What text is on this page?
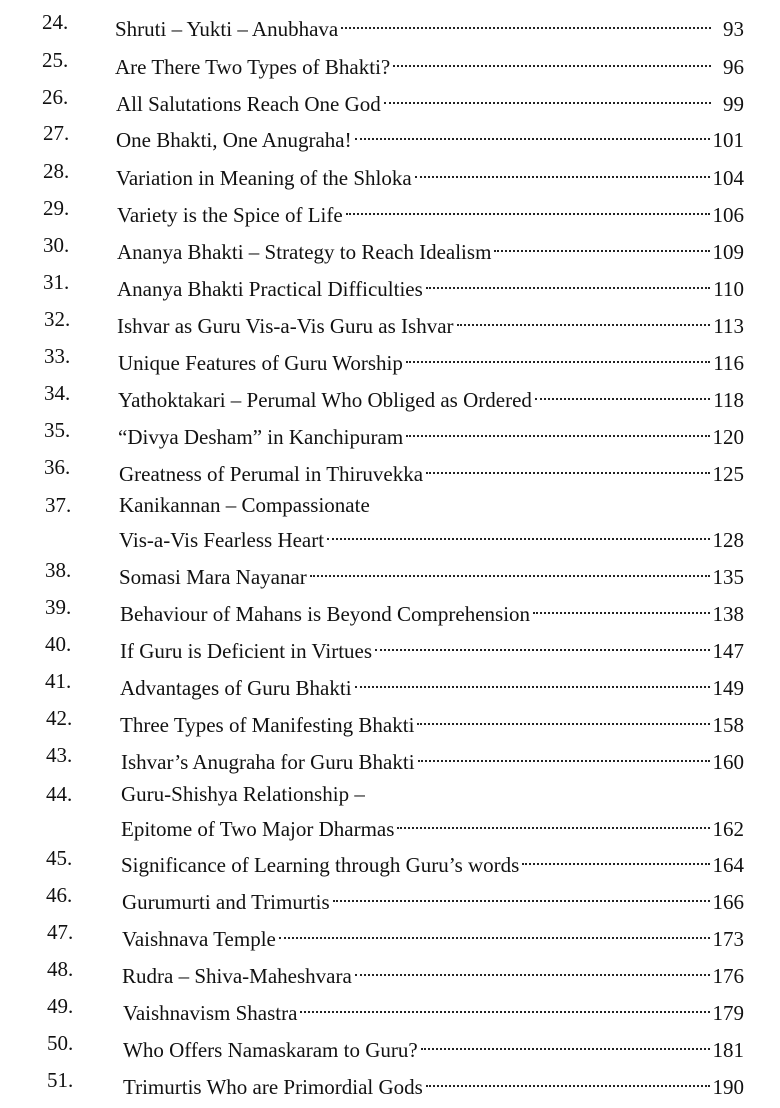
24. Shruti – Yukti – Anubhava	93
25. Are There Two Types of Bhakti?	96
26. All Salutations Reach One God	99
27. One Bhakti, One Anugraha!	101
28. Variation in Meaning of the Shloka	104
29. Variety is the Spice of Life	106
30. Ananya Bhakti – Strategy to Reach Idealism	109
31. Ananya Bhakti Practical Difficulties	110
32. Ishvar as Guru Vis-a-Vis Guru as Ishvar	113
33. Unique Features of Guru Worship	116
34. Yathoktakari – Perumal Who Obliged as Ordered	118
35. “Divya Desham” in Kanchipuram	120
36. Greatness of Perumal in Thiruvekka	125
37. Kanikannan – Compassionate
Vis-a-Vis Fearless Heart	128
38. Somasi Mara Nayanar	135
39. Behaviour of Mahans is Beyond Comprehension	138
40. If Guru is Deficient in Virtues	147
41. Advantages of Guru Bhakti	149
42. Three Types of Manifesting Bhakti	158
43. Ishvar’s Anugraha for Guru Bhakti	160
44. Guru-Shishya Relationship –
Epitome of Two Major Dharmas	162
45. Significance of Learning through Guru’s words	164
46. Gurumurti and Trimurtis	166
47. Vaishnava Temple	173
48. Rudra – Shiva-Maheshvara	176
49. Vaishnavism Shastra	179
50. Who Offers Namaskaram to Guru?	181
51. Trimurtis Who are Primordial Gods	190
